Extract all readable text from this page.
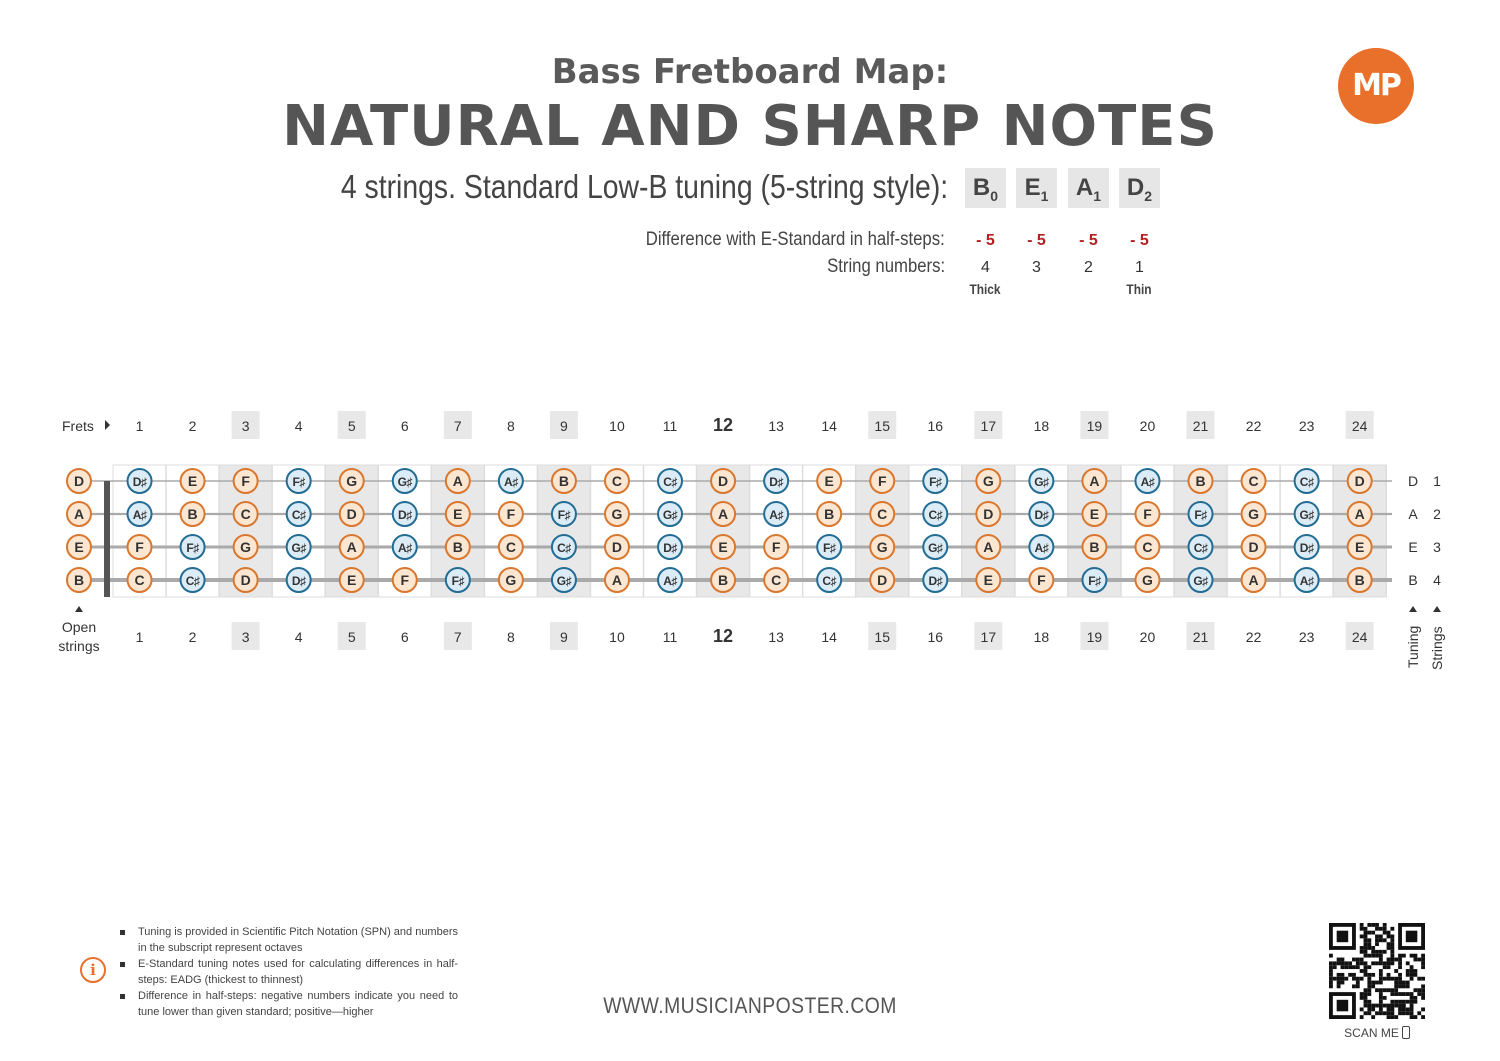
MP
Bass Fretboard Map:
NATURAL AND SHARP NOTES
4 strings. Standard Low-B tuning (5-string style):	$B_0$	$E_1$	$A_1$	$D_2$
Difference with E-Standard in half-steps:
String numbers:
- 5	- 5	- 5	- 5
4	3	2	1
Thick	Thin
D	D♯	E	F	F♯	G	G♯	A	A♯	B	C	C♯	D	D♯	E	F	F♯	G	G♯	A	A♯	B	C	C♯	D	D 1
A	A♯	B	C	C♯	D	D♯	E	F	F♯	G	G♯	A	A♯	B	C	C♯	D	D♯	E	F	F♯	G	G♯	A	A 2
E	F	F♯	G	G♯	A	A♯	B	C	C♯	D	D♯	E	F	F♯	G	G♯	A	A♯	B	C	C♯	D	D♯	E	E 3
B	C	C♯	D	D♯	E	F	F♯	G	G♯	A	A♯	B	C	C♯	D	D♯	E	F	F♯	G	G♯	A	A♯	B	B 4
1
1
2
2
3
3
4
4
5
5
6
6
7
7
8
8
9
9
10
10
11
11
12
12
13
13
14
14
15
15
16
16
17
17
18
18
19
19
20
20
21
21
22
22
23
23
24
24
Frets
Open
strings	Tuning Strings
i
Tuning is provided in Scientific Pitch Notation (SPN) and numbers in the subscript represent octaves
E-Standard tuning notes used for calculating differences in half-steps: EADG (thickest to thinnest)
Difference in half-steps: negative numbers indicate you need to tune lower than given standard; positive—higher	WWW.MUSICIANPOSTER.COM
SCAN ME
